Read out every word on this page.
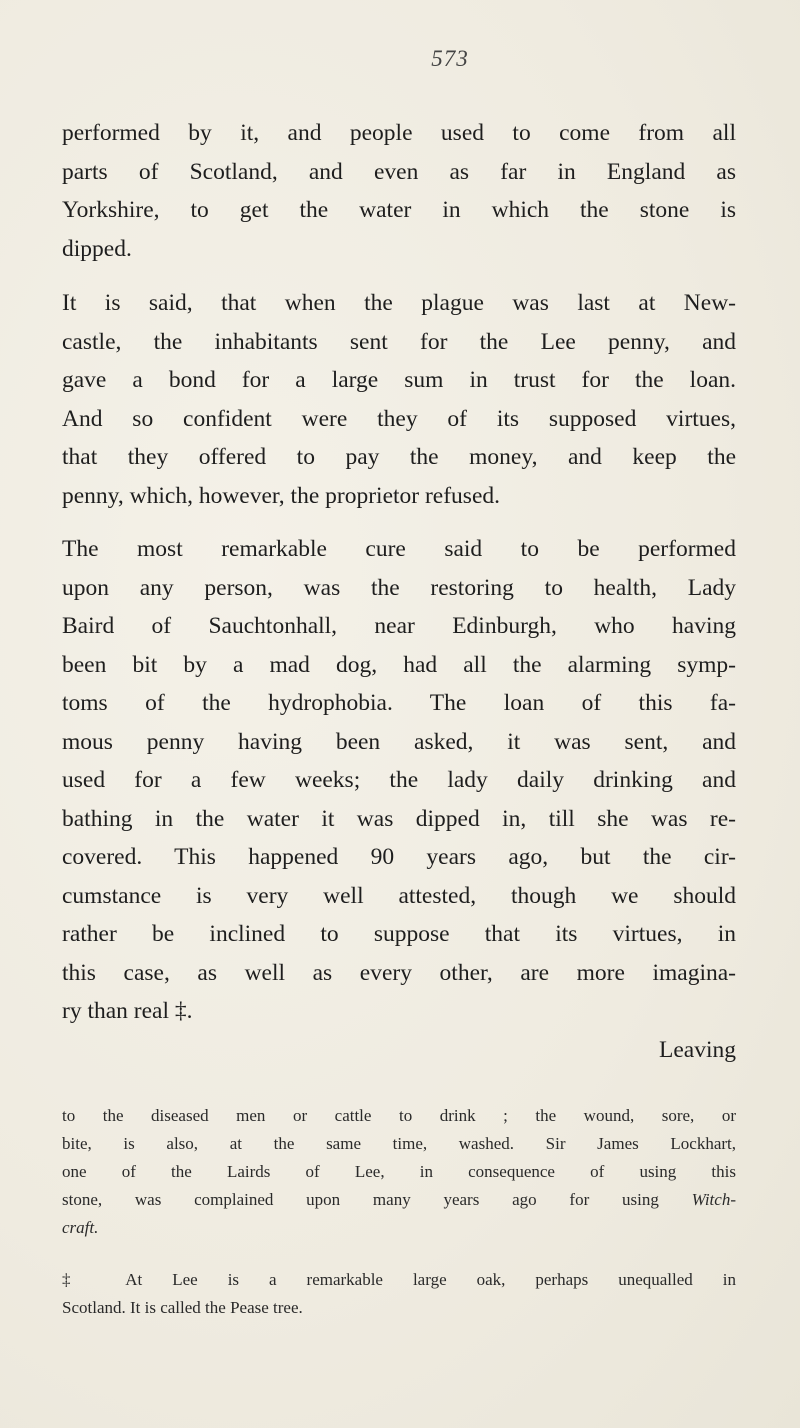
573
performed by it, and people used to come from all
parts of Scotland, and even as far in England as
Yorkshire, to get the water in which the stone is
dipped.
It is said, that when the plague was last at New-
castle, the inhabitants sent for the Lee penny, and
gave a bond for a large sum in trust for the loan.
And so confident were they of its supposed virtues,
that they offered to pay the money, and keep the
penny, which, however, the proprietor refused.
The most remarkable cure said to be performed
upon any person, was the restoring to health, Lady
Baird of Sauchtonhall, near Edinburgh, who having
been bit by a mad dog, had all the alarming symp-
toms of the hydrophobia. The loan of this fa-
mous penny having been asked, it was sent, and
used for a few weeks; the lady daily drinking and
bathing in the water it was dipped in, till she was re-
covered. This happened 90 years ago, but the cir-
cumstance is very well attested, though we should
rather be inclined to suppose that its virtues, in
this case, as well as every other, are more imagina-
ry than real ‡.
Leaving
to the diseased men or cattle to drink ; the wound, sore, or
bite, is also, at the same time, washed. Sir James Lockhart,
one of the Lairds of Lee, in consequence of using this
stone, was complained upon many years ago for using Witch-
craft.
‡ At Lee is a remarkable large oak, perhaps unequalled in
Scotland. It is called the Pease tree.
